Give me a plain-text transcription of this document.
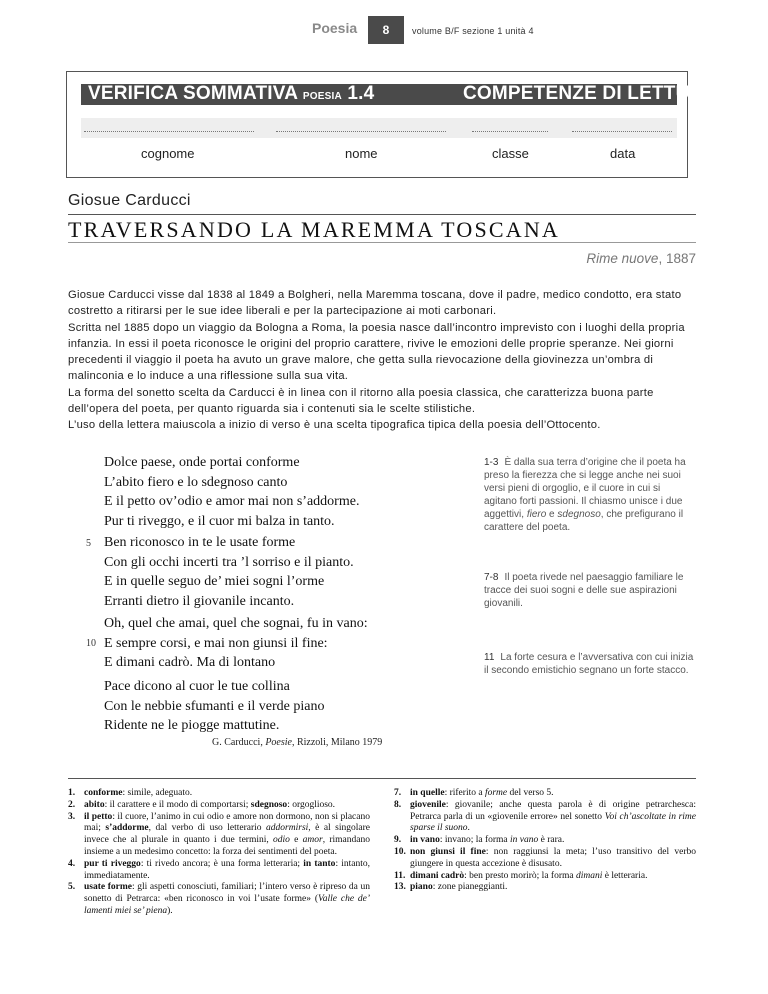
Poesia	8	volume B/F sezione 1 unità 4
VERIFICA SOMMATIVA POESIA 1.4	COMPETENZE DI LETTURA
cognome	nome	classe	data
Giosue Carducci
TRAVERSANDO LA MAREMMA TOSCANA
Rime nuove, 1887

Giosue Carducci visse dal 1838 al 1849 a Bolgheri, nella Maremma toscana, dove il padre, medico condotto, era stato costretto a ritirarsi per le sue idee liberali e per la partecipazione ai moti carbonari.

Scritta nel 1885 dopo un viaggio da Bologna a Roma, la poesia nasce dall’incontro imprevisto con i luoghi della propria infanzia. In essi il poeta riconosce le origini del proprio carattere, rivive le emozioni delle proprie speranze. Nei giorni precedenti il viaggio il poeta ha avuto un grave malore, che getta sulla rievocazione della giovinezza un’ombra di malinconia e lo induce a una riflessione sulla sua vita.

La forma del sonetto scelta da Carducci è in linea con il ritorno alla poesia classica, che caratterizza buona parte dell’opera del poeta, per quanto riguarda sia i contenuti sia le scelte stilistiche.

L’uso della lettera maiuscola a inizio di verso è una scelta tipografica tipica della poesia dell’Ottocento.

Dolce paese, onde portai conforme
L’abito fiero e lo sdegnoso canto
E il petto ov’odio e amor mai non s’addorme.
Pur ti riveggo, e il cuor mi balza in tanto.
Ben riconosco in te le usate forme
Con gli occhi incerti tra ’l sorriso e il pianto.
E in quelle seguo de’ miei sogni l’orme
Erranti dietro il giovanile incanto.
5
Oh, quel che amai, quel che sognai, fu in vano:
E sempre corsi, e mai non giunsi il fine:
E dimani cadrò. Ma di lontano
10
Pace dicono al cuor le tue collina
Con le nebbie sfumanti e il verde piano
Ridente ne le piogge mattutine.
G. Carducci, Poesie, Rizzoli, Milano 1979
1-3 È dalla sua terra d’origine che il poeta ha preso la fierezza che si legge anche nei suoi versi pieni di orgoglio, e il cuore in cui si agitano forti passioni. Il chiasmo unisce i due aggettivi, fiero e sdegnoso, che prefigurano il carattere del poeta.
7-8 Il poeta rivede nel paesaggio familiare le tracce dei suoi sogni e delle sue aspirazioni giovanili.
11 La forte cesura e l’avversativa con cui inizia il secondo emistichio segnano un forte stacco.

1. conforme: simile, adeguato.

2. abito: il carattere e il modo di comportarsi; sdegnoso: orgoglioso.

3. il petto: il cuore, l’animo in cui odio e amore non dormono, non si placano mai; s’addorme, dal verbo di uso letterario addormirsi, è al singolare invece che al plurale in quanto i due termini, odio e amor, rimandano insieme a un medesimo concetto: la forza dei sentimenti del poeta.

4. pur ti riveggo: ti rivedo ancora; è una forma letteraria; in tanto: intanto, immediatamente.

5. usate forme: gli aspetti conosciuti, familiari; l’intero verso è ripreso da un sonetto di Petrarca: «ben riconosco in voi l’usate forme» (Valle che de’ lamenti miei se’ piena).

7. in quelle: riferito a forme del verso 5.

8. giovenile: giovanile; anche questa parola è di origine petrarchesca: Petrarca parla di un «giovenile errore» nel sonetto Voi ch’ascoltate in rime sparse il suono.

9. in vano: invano; la forma in vano è rara.

10. non giunsi il fine: non raggiunsi la meta; l’uso transitivo del verbo giungere in questa accezione è disusato.

11. dimani cadrò: ben presto morirò; la forma dimani è letteraria.

13. piano: zone pianeggianti.
